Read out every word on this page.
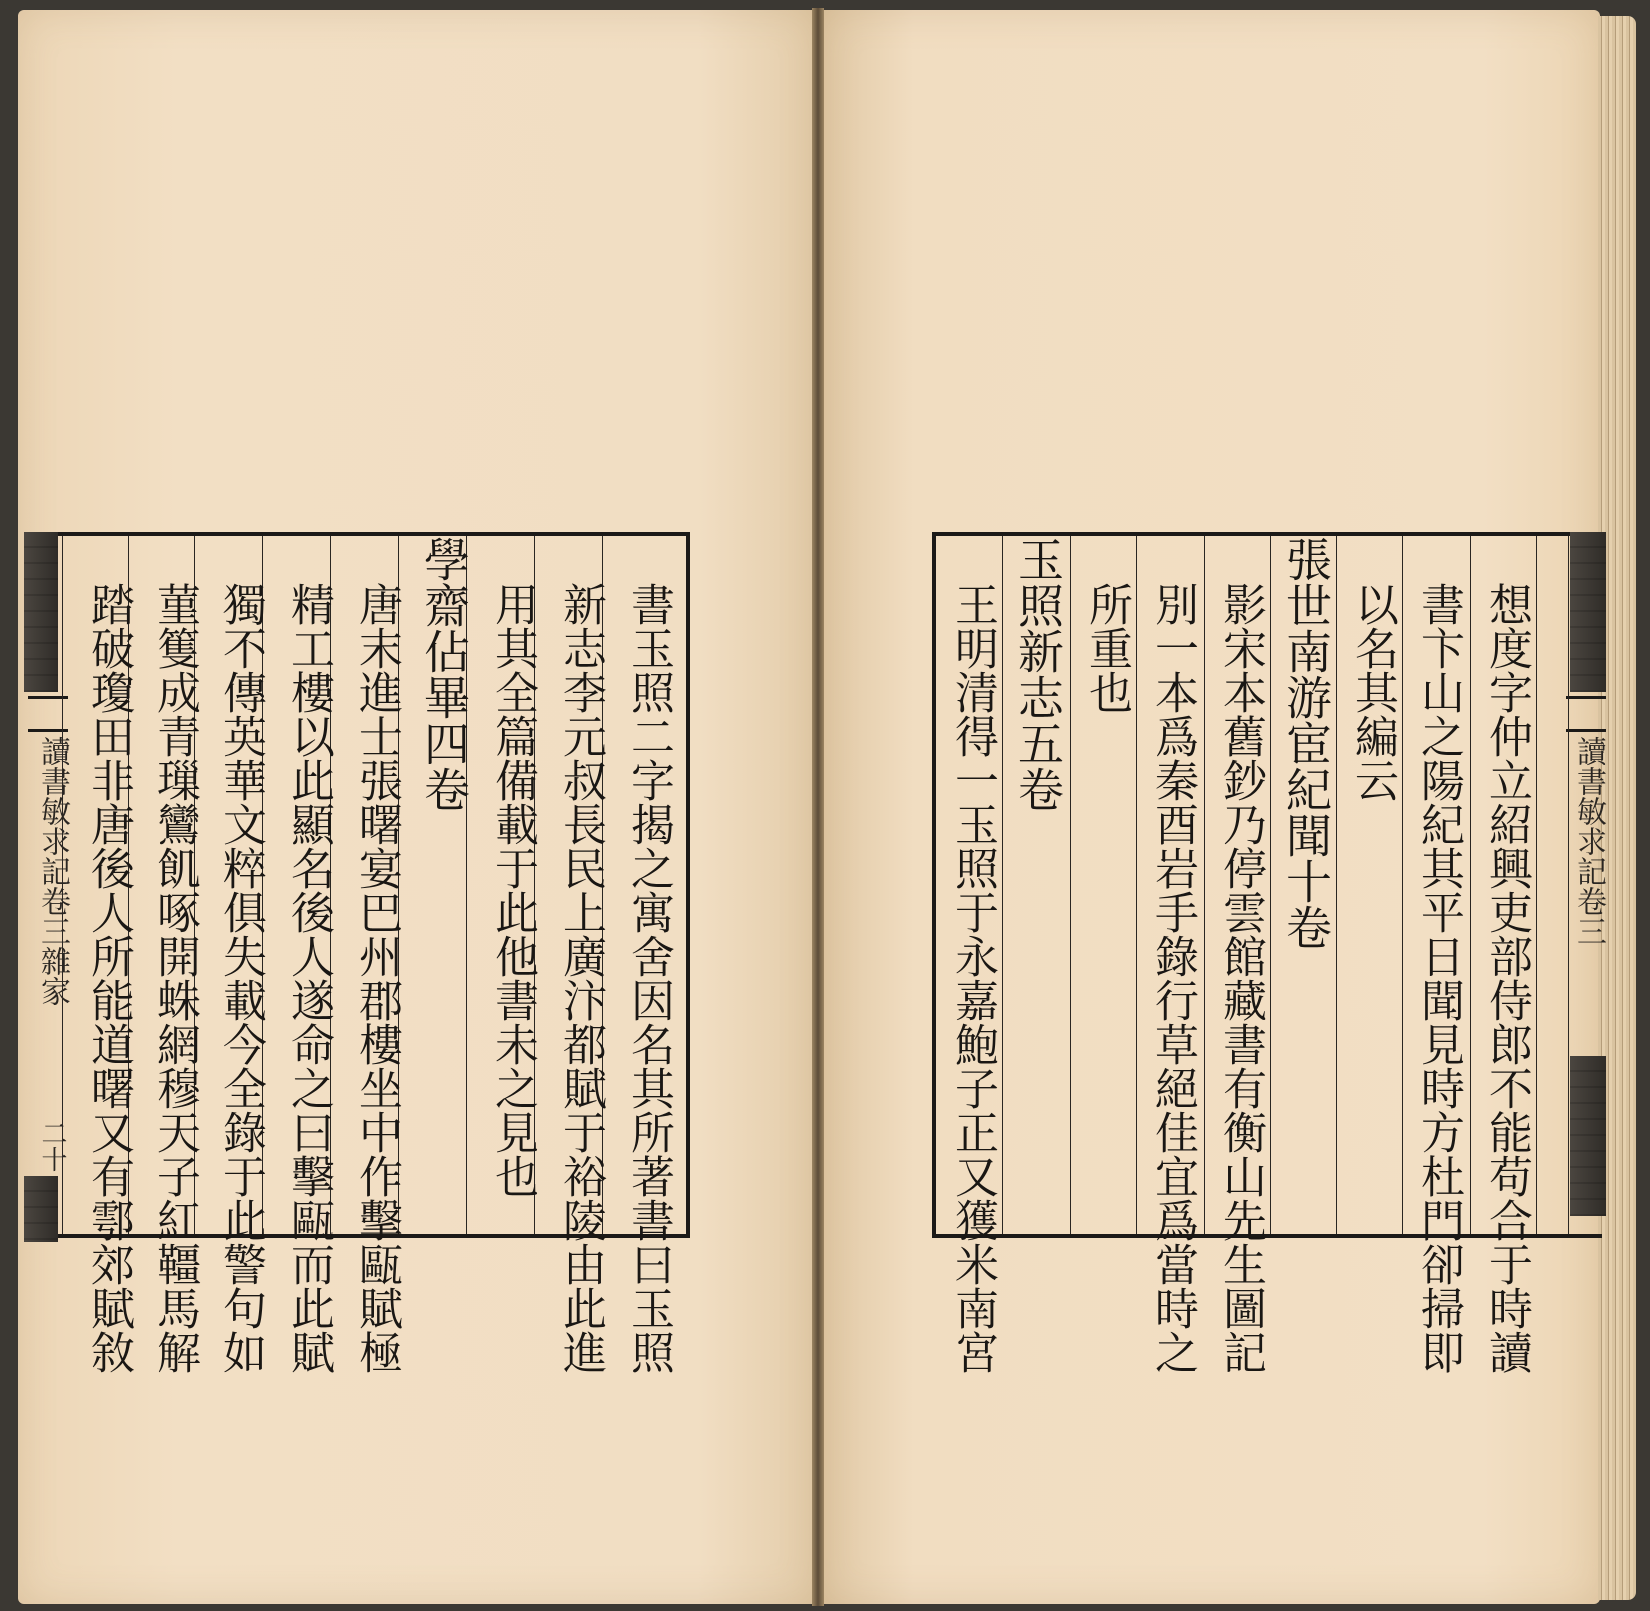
書玉照二字揭之寓舍因名其所著書曰玉照
新志李元叔長民上廣汴都賦于裕陵由此進
用其全篇備載于此他書未之見也
學齋佔畢四卷
唐末進士張曙宴巴州郡樓坐中作擊甌賦極
精工樓以此顯名後人遂命之曰擊甌而此賦
獨不傳英華文粹俱失載今全錄于此警句如
菫篗成青璅鸞飢啄開蛛網穆天子紅韁馬解
踏破瓊田非唐後人所能道曙又有鄠郊賦敘
讀書敏求記卷三雜家
二十	想度字仲立紹興吏部侍郎不能苟合于時讀
書卞山之陽紀其平日聞見時方杜門卻掃即
以名其編云
張世南游宦紀聞十卷
影宋本舊鈔乃停雲館藏書有衡山先生圖記
別一本爲秦酉岩手錄行草絕佳宜爲當時之
所重也
玉照新志五卷
王明清得一玉照于永嘉鮑子正又獲米南宮	讀書敏求記卷三
